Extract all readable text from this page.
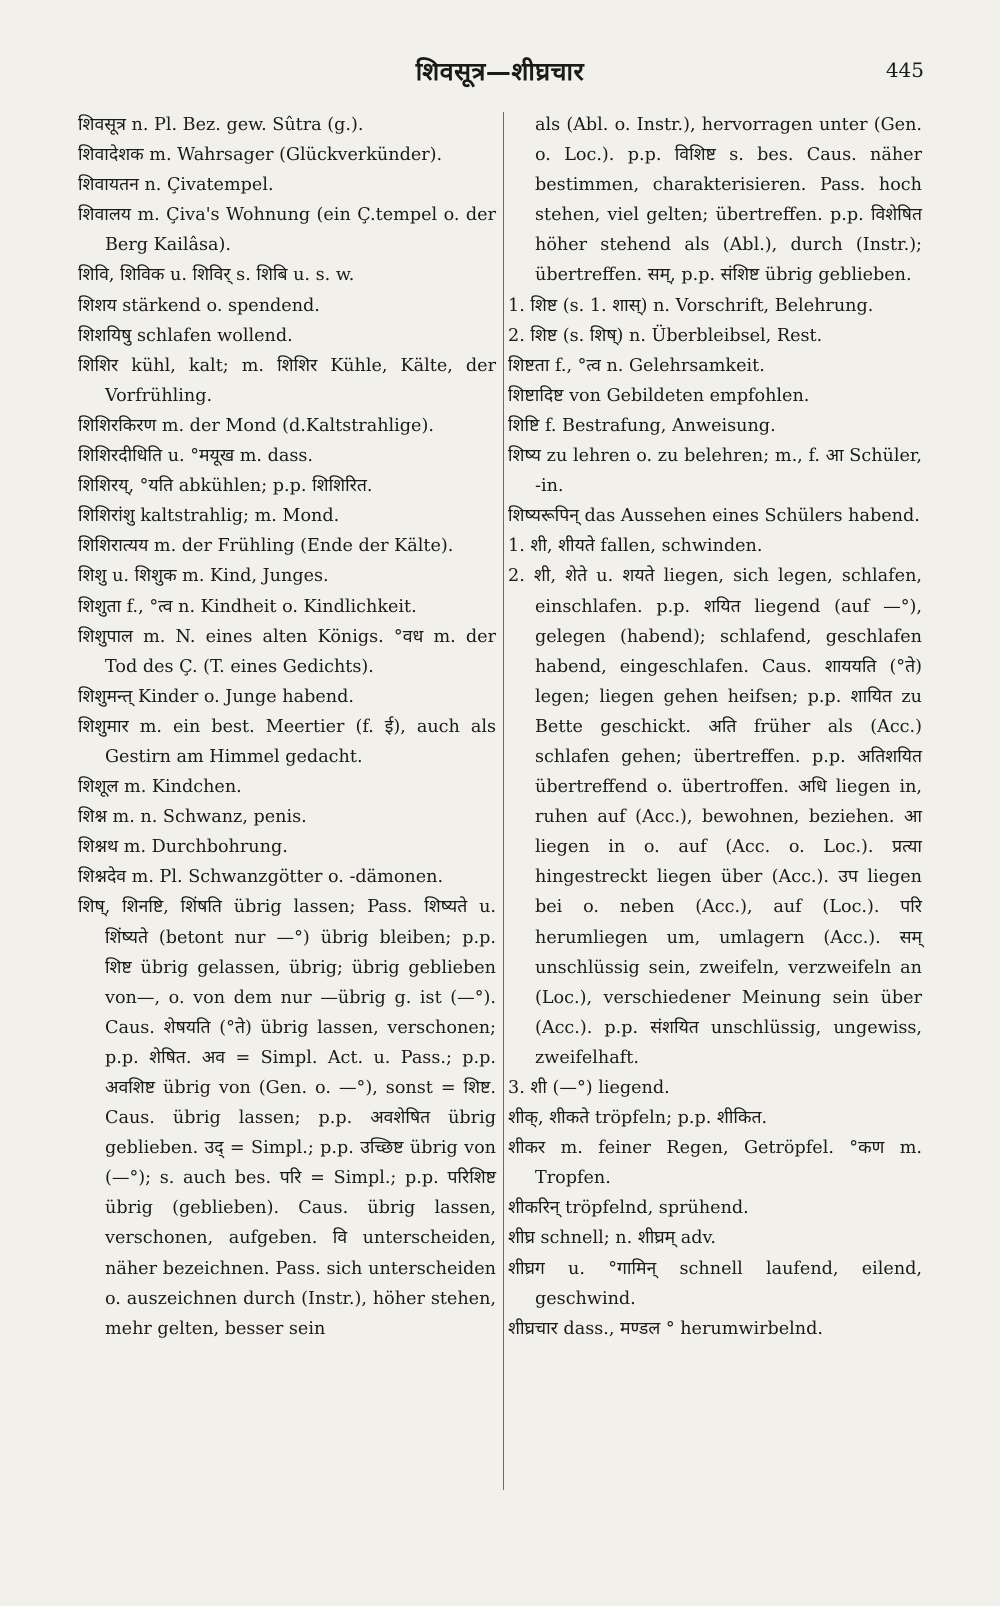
शिवसूत्र—शीघ्रचार	445

शिवसूत्र n. Pl. Bez. gew. Sûtra (g.).

शिवादेशक m. Wahrsager (Glückverkünder).

शिवायतन n. Çivatempel.

शिवालय m. Çiva's Wohnung (ein Ç.tempel o. der Berg Kailâsa).

शिवि, शिविक u. शिविर् s. शिबि u. s. w.

शिशय stärkend o. spendend.

शिशयिषु schlafen wollend.

शिशिर kühl, kalt; m. शिशिर Kühle, Kälte, der Vorfrühling.

शिशिरकिरण m. der Mond (d.Kaltstrahlige).

शिशिरदीधिति u. °मयूख m. dass.

शिशिरय्, °यति abkühlen; p.p. शिशिरित.

शिशिरांशु kaltstrahlig; m. Mond.

शिशिरात्यय m. der Frühling (Ende der Kälte).

शिशु u. शिशुक m. Kind, Junges.

शिशुता f., °त्व n. Kindheit o. Kindlichkeit.

शिशुपाल m. N. eines alten Königs. °वध m. der Tod des Ç. (T. eines Gedichts).

शिशुमन्त् Kinder o. Junge habend.

शिशुमार m. ein best. Meertier (f. ई), auch als Gestirn am Himmel gedacht.

शिशूल m. Kindchen.

शिश्न m. n. Schwanz, penis.

शिश्नथ m. Durchbohrung.

शिश्नदेव m. Pl. Schwanzgötter o. -dämonen.

शिष्, शिनष्टि, शिंषति übrig lassen; Pass. शिष्यते u. शिंष्यते (betont nur —°) übrig bleiben; p.p. शिष्ट übrig gelassen, übrig; übrig geblieben von—, o. von dem nur —übrig g. ist (—°). Caus. शेषयति (°ते) übrig lassen, verschonen; p.p. शेषित. अव = Simpl. Act. u. Pass.; p.p. अवशिष्ट übrig von (Gen. o. —°), sonst = शिष्ट. Caus. übrig lassen; p.p. अवशेषित übrig geblieben. उद् = Simpl.; p.p. उच्छिष्ट übrig von (—°); s. auch bes. परि = Simpl.; p.p. परिशिष्ट übrig (geblieben). Caus. übrig lassen, verschonen, aufgeben. वि unterscheiden, näher bezeichnen. Pass. sich unterscheiden o. auszeichnen durch (Instr.), höher stehen, mehr gelten, besser sein

als (Abl. o. Instr.), hervorragen unter (Gen. o. Loc.). p.p. विशिष्ट s. bes. Caus. näher bestimmen, charakterisieren. Pass. hoch stehen, viel gelten; übertreffen. p.p. विशेषित höher stehend als (Abl.), durch (Instr.); übertreffen. सम्, p.p. संशिष्ट übrig geblieben.

1. शिष्ट (s. 1. शास्) n. Vorschrift, Belehrung.

2. शिष्ट (s. शिष्) n. Überbleibsel, Rest.

शिष्टता f., °त्व n. Gelehrsamkeit.

शिष्टादिष्ट von Gebildeten empfohlen.

शिष्टि f. Bestrafung, Anweisung.

शिष्य zu lehren o. zu belehren; m., f. आ Schüler, -in.

शिष्यरूपिन् das Aussehen eines Schülers habend.

1. शी, शीयते fallen, schwinden.

2. शी, शेते u. शयते liegen, sich legen, schlafen, einschlafen. p.p. शयित liegend (auf —°), gelegen (habend); schlafend, geschlafen habend, eingeschlafen. Caus. शाययति (°ते) legen; liegen gehen heifsen; p.p. शायित zu Bette geschickt. अति früher als (Acc.) schlafen gehen; übertreffen. p.p. अतिशयित übertreffend o. übertroffen. अधि liegen in, ruhen auf (Acc.), bewohnen, beziehen. आ liegen in o. auf (Acc. o. Loc.). प्रत्या hingestreckt liegen über (Acc.). उप liegen bei o. neben (Acc.), auf (Loc.). परि herumliegen um, umlagern (Acc.). सम् unschlüssig sein, zweifeln, verzweifeln an (Loc.), verschiedener Meinung sein über (Acc.). p.p. संशयित unschlüssig, ungewiss, zweifelhaft.

3. शी (—°) liegend.

शीक्, शीकते tröpfeln; p.p. शीकित.

शीकर m. feiner Regen, Getröpfel. °कण m. Tropfen.

शीकरिन् tröpfelnd, sprühend.

शीघ्र schnell; n. शीघ्रम् adv.

शीघ्रग u. °गामिन् schnell laufend, eilend, geschwind.

शीघ्रचार dass., मण्डल ° herumwirbelnd.
